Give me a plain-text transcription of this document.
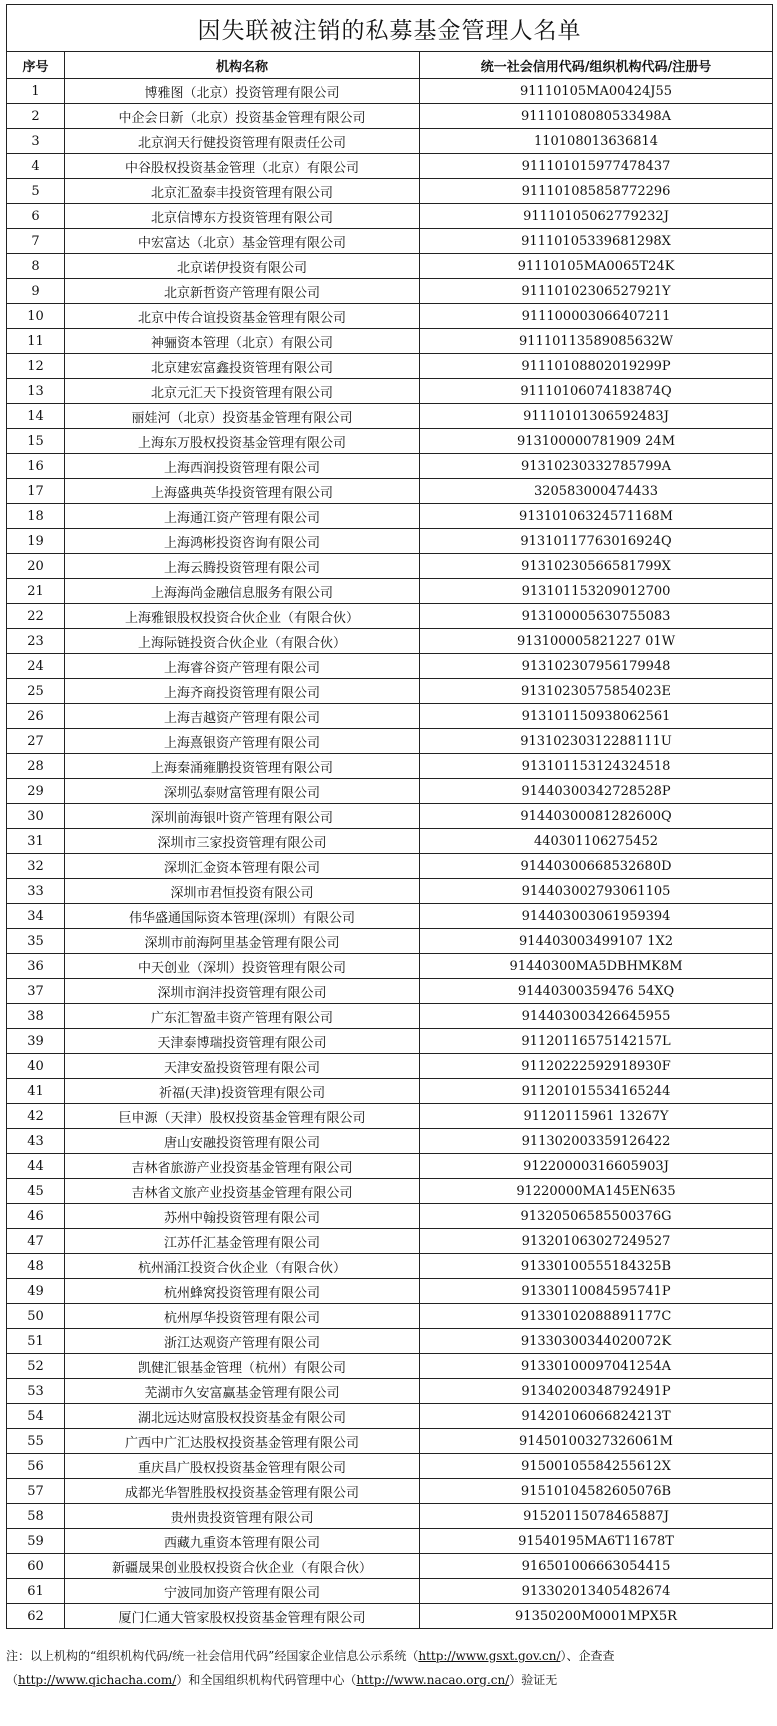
因失联被注销的私募基金管理人名单		
序号	机构名称	统一社会信用代码/组织机构代码/注册号
1	博雅图（北京）投资管理有限公司	91110105MA00424J55
2	中企会日新（北京）投资基金管理有限公司	91110108080533498A
3	北京润天行健投资管理有限责任公司	110108013636814
4	中谷股权投资基金管理（北京）有限公司	911101015977478437
5	北京汇盈泰丰投资管理有限公司	911101085858772296
6	北京信博东方投资管理有限公司	91110105062779232J
7	中宏富达（北京）基金管理有限公司	91110105339681298X
8	北京诺伊投资有限公司	91110105MA0065T24K
9	北京新哲资产管理有限公司	91110102306527921Y
10	北京中传合谊投资基金管理有限公司	911100003066407211
11	神骊资本管理（北京）有限公司	91110113589085632W
12	北京建宏富鑫投资管理有限公司	91110108802019299P
13	北京元汇天下投资管理有限公司	91110106074183874Q
14	丽娃河（北京）投资基金管理有限公司	91110101306592483J
15	上海东万股权投资基金管理有限公司	913100000781909 24M
16	上海西润投资管理有限公司	91310230332785799A
17	上海盛典英华投资管理有限公司	320583000474433
18	上海通江资产管理有限公司	91310106324571168M
19	上海鸿彬投资咨询有限公司	91310117763016924Q
20	上海云腾投资管理有限公司	91310230566581799X
21	上海海尚金融信息服务有限公司	913101153209012700
22	上海雅银股权投资合伙企业（有限合伙）	913100005630755083
23	上海际链投资合伙企业（有限合伙）	913100005821227 01W
24	上海睿谷资产管理有限公司	913102307956179948
25	上海齐商投资管理有限公司	91310230575854023E
26	上海吉越资产管理有限公司	913101150938062561
27	上海熹银资产管理有限公司	91310230312288111U
28	上海秦涌雍鹏投资管理有限公司	913101153124324518
29	深圳弘泰财富管理有限公司	91440300342728528P
30	深圳前海银叶资产管理有限公司	91440300081282600Q
31	深圳市三家投资管理有限公司	440301106275452
32	深圳汇金资本管理有限公司	91440300668532680D
33	深圳市君恒投资有限公司	914403002793061105
34	伟华盛通国际资本管理(深圳）有限公司	914403003061959394
35	深圳市前海阿里基金管理有限公司	914403003499107 1X2
36	中天创业（深圳）投资管理有限公司	91440300MA5DBHMK8M
37	深圳市润沣投资管理有限公司	91440300359476 54XQ
38	广东汇智盈丰资产管理有限公司	914403003426645955
39	天津泰博瑞投资管理有限公司	91120116575142157L
40	天津安盈投资管理有限公司	91120222592918930F
41	祈福(天津)投资管理有限公司	911201015534165244
42	巨申源（天津）股权投资基金管理有限公司	91120115961 13267Y
43	唐山安融投资管理有限公司	911302003359126422
44	吉林省旅游产业投资基金管理有限公司	91220000316605903J
45	吉林省文旅产业投资基金管理有限公司	91220000MA145EN635
46	苏州中翰投资管理有限公司	91320506585500376G
47	江苏仟汇基金管理有限公司	913201063027249527
48	杭州涌江投资合伙企业（有限合伙）	91330100555184325B
49	杭州蜂窝投资管理有限公司	91330110084595741P
50	杭州厚华投资管理有限公司	91330102088891177C
51	浙江达观资产管理有限公司	91330300344020072K
52	凯健汇银基金管理（杭州）有限公司	91330100097041254A
53	芜湖市久安富赢基金管理有限公司	91340200348792491P
54	湖北远达财富股权投资基金有限公司	91420106066824213T
55	广西中广汇达股权投资基金管理有限公司	91450100327326061M
56	重庆昌广股权投资基金管理有限公司	91500105584255612X
57	成都光华智胜股权投资基金管理有限公司	91510104582605076B
58	贵州贵投资管理有限公司	91520115078465887J
59	西藏九重资本管理有限公司	91540195MA6T11678T
60	新疆晟果创业股权投资合伙企业（有限合伙）	916501006663054415
61	宁波同加资产管理有限公司	913302013405482674
62	厦门仁通大管家股权投资基金管理有限公司	91350200M0001MPX5R
注：以上机构的“组织机构代码/统一社会信用代码”经国家企业信息公示系统（http://www.gsxt.gov.cn/）、企查查（http://www.qichacha.com/）和全国组织机构代码管理中心（http://www.nacao.org.cn/）验证无
